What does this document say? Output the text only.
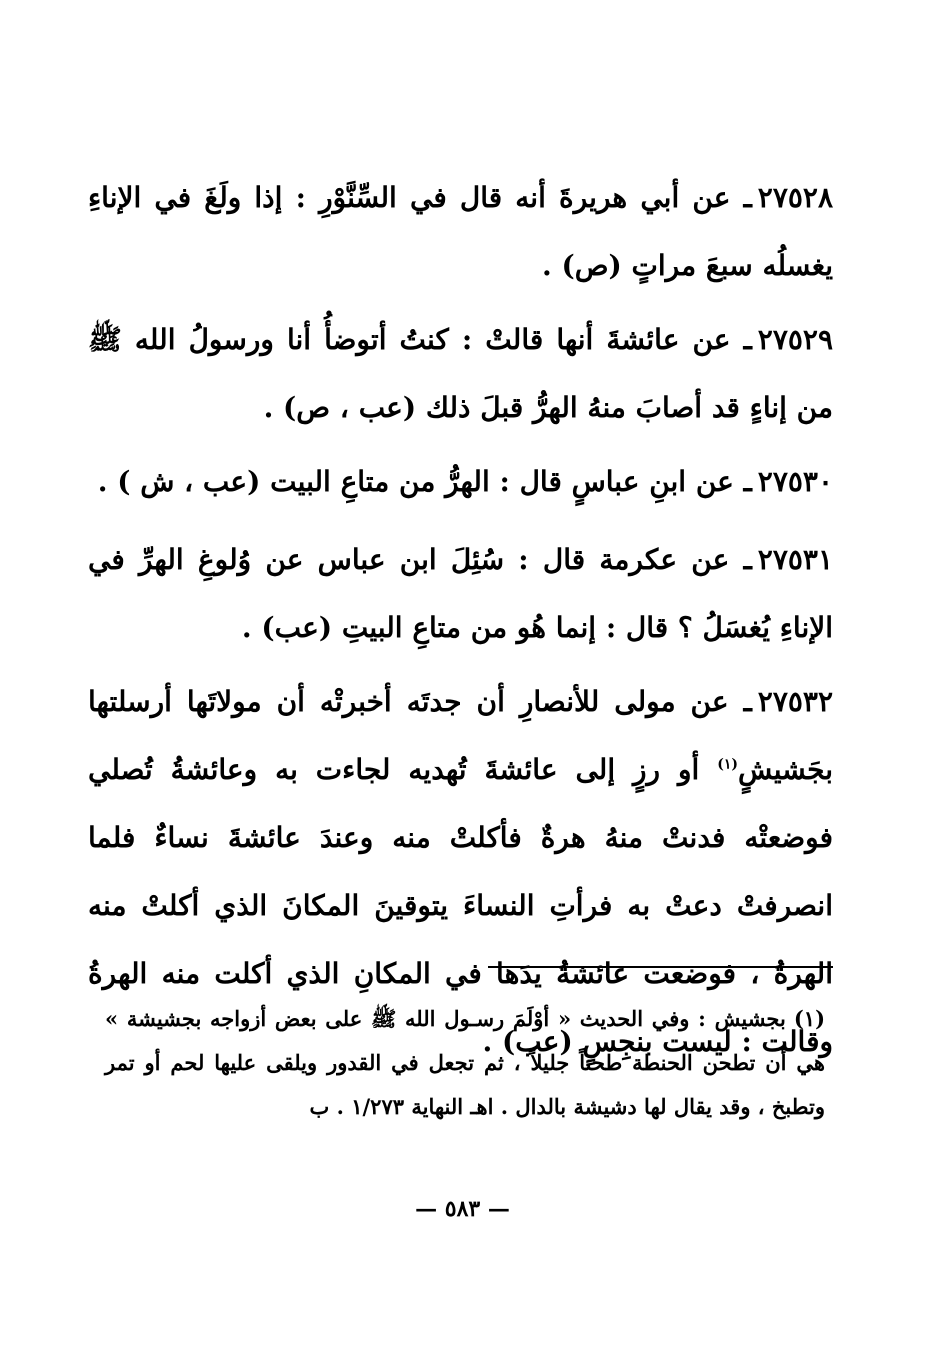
٢٧٥٢٨ـ عن أبي هريرةَ أنه قال في السِّنَّوْرِ : إذا ولَغَ في الإناءِ يغسلُه سبعَ مراتٍ (ص) .

٢٧٥٢٩ـ عن عائشةَ أنها قالتْ : كنتُ أتوضأُ أنا ورسولُ الله ﷺ من إناءٍ قد أصابَ منهُ الهرُّ قبلَ ذلك (عب ، ص) .

٢٧٥٣٠ـ عن ابنِ عباسٍ قال : الهرُّ من متاعِ البيت (عب ، ش ) .

٢٧٥٣١ـ عن عكرمة قال : سُئِلَ ابن عباس عن وُلوغِ الهرِّ في الإناءِ يُغسَلُ ؟ قال : إنما هُو من متاعِ البيتِ (عب) .

٢٧٥٣٢ـ عن مولى للأنصارِ أن جدتَه أخبرتْه أن مولاتَها أرسلتها بجَشيشٍ$^{(١)}$ أو رزٍ إلى عائشةَ تُهديه لجاءت به وعائشةُ تُصلي فوضعتْه فدنتْ منهُ هرةٌ فأكلتْ منه وعندَ عائشةَ نساءٌ فلما انصرفتْ دعتْ به فرأتِ النساءَ يتوقينَ المكانَ الذي أكلتْ منه الهرةُ ، فوضعت عائشةُ يدَها في المكانِ الذي أكلت منه الهرةُ وقالت : ليست بنجِسٍ (عب) .

(١)بجشيش : وفي الحديث « أوْلَمَ رسـول الله ﷺ على بعض أزواجه بجشيشة » هي أن تطحن الحنطة طحناً جليلاً ، ثم تجعل في القدور ويلقى عليها لحم أو تمر وتطبخ ، وقد يقال لها دشيشة بالدال . اهـ النهاية ١/٢٧٣ . ب

— ٥٨٣ —
